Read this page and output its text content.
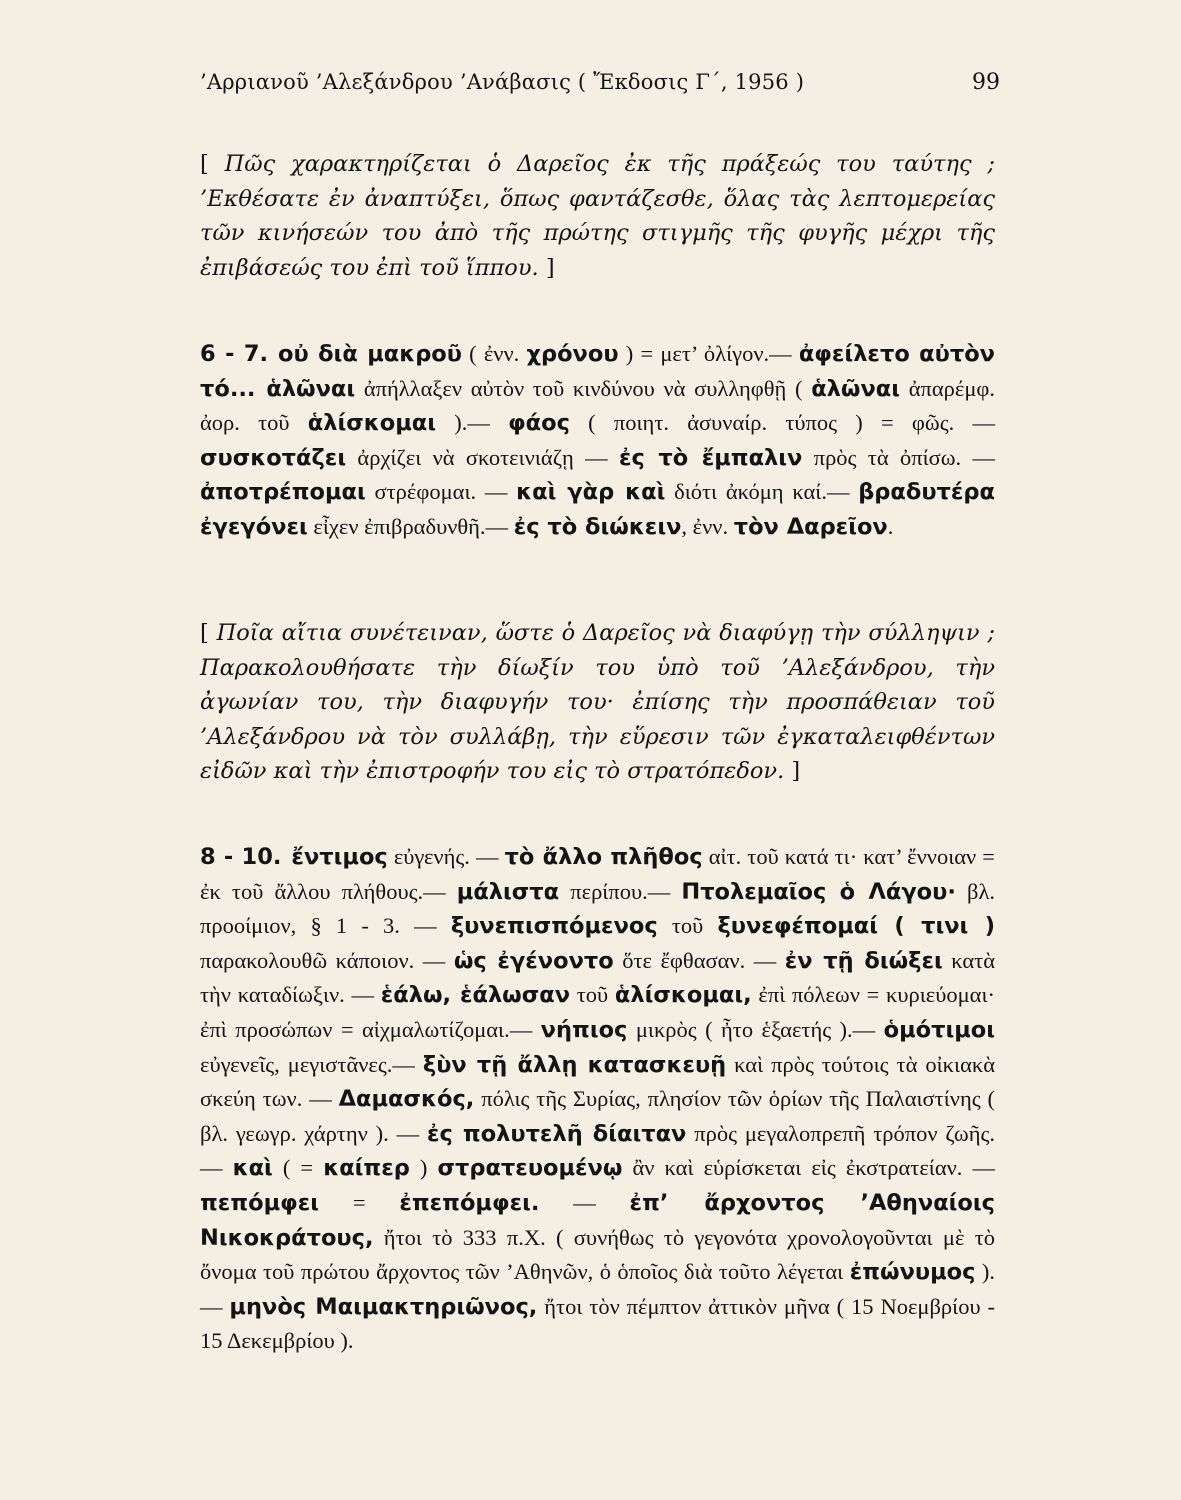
’Αρριανοῦ ’Αλεξάνδρου ’Ανάβασις ( Ἔκδοσις Γ΄, 1956 )	99
[ Πῶς χαρακτηρίζεται ὁ Δαρεῖος ἐκ τῆς πράξεώς του ταύτης ; ’Εκθέσατε ἐν ἀναπτύξει, ὅπως φαντάζεσθε, ὅλας τὰς λεπτομερείας τῶν κινήσεών του ἀπὸ τῆς πρώτης στιγμῆς τῆς φυγῆς μέχρι τῆς ἐπιβάσεώς του ἐπὶ τοῦ ἵππου. ]
6 - 7. οὐ διὰ μακροῦ ( ἐνν. χρόνου ) = μετ’ ὀλίγον.— ἀφείλετο αὐτὸν τό... ἁλῶναι ἀπήλλαξεν αὐτὸν τοῦ κινδύνου νὰ συλληφθῇ ( ἁλῶναι ἀπαρέμφ. ἀορ. τοῦ ἁλίσκομαι ).— φάος ( ποιητ. ἀσυναίρ. τύπος ) = φῶς. — συσκοτάζει ἀρχίζει νὰ σκοτεινιάζῃ — ἐς τὸ ἔμπαλιν πρὸς τὰ ὀπίσω. — ἀποτρέπομαι στρέφομαι. — καὶ γὰρ καὶ διότι ἀκόμη καί.— βραδυτέρα ἐγεγόνει εἶχεν ἐπιβραδυνθῆ.— ἐς τὸ διώκειν, ἐνν. τὸν Δαρεῖον.
[ Ποῖα αἴτια συνέτειναν, ὥστε ὁ Δαρεῖος νὰ διαφύγῃ τὴν σύλληψιν ; Παρακολουθήσατε τὴν δίωξίν του ὑπὸ τοῦ ’Αλεξάνδρου, τὴν ἀγωνίαν του, τὴν διαφυγήν του· ἐπίσης τὴν προσπάθειαν τοῦ ’Αλεξάνδρου νὰ τὸν συλλάβῃ, τὴν εὕρεσιν τῶν ἐγκαταλειφθέντων εἰδῶν καὶ τὴν ἐπιστροφήν του εἰς τὸ στρατόπεδον. ]
8 - 10. ἔντιμος εὐγενής. — τὸ ἄλλο πλῆθος αἰτ. τοῦ κατά τι· κατ’ ἔννοιαν = ἐκ τοῦ ἄλλου πλήθους.— μάλιστα περίπου.— Πτολεμαῖος ὁ Λάγου· βλ. προοίμιον, § 1 - 3. — ξυνεπισπόμενος τοῦ ξυνεφέπομαί ( τινι ) παρακολουθῶ κάποιον. — ὡς ἐγένοντο ὅτε ἔφθασαν. — ἐν τῇ διώξει κατὰ τὴν καταδίωξιν. — ἑάλω, ἑάλωσαν τοῦ ἁλίσκομαι, ἐπὶ πόλεων = κυριεύομαι· ἐπὶ προσώπων = αἰχμαλωτίζομαι.— νήπιος μικρὸς ( ἦτο ἑξαετής ).— ὁμότιμοι εὐγενεῖς, μεγιστᾶνες.— ξὺν τῇ ἄλλῃ κατασκευῇ καὶ πρὸς τούτοις τὰ οἰκιακὰ σκεύη των. — Δαμασκός, πόλις τῆς Συρίας, πλησίον τῶν ὁρίων τῆς Παλαιστίνης ( βλ. γεωγρ. χάρτην ). — ἐς πολυτελῆ δίαιταν πρὸς μεγαλοπρεπῆ τρόπον ζωῆς. — καὶ ( = καίπερ ) στρατευομένῳ ἂν καὶ εὑρίσκεται εἰς ἐκστρατείαν. — πεπόμφει = ἐπεπόμφει. — ἐπ’ ἄρχοντος ’Αθηναίοις Νικοκράτους, ἤτοι τὸ 333 π.Χ. ( συνήθως τὸ γεγονότα χρονολογοῦνται μὲ τὸ ὄνομα τοῦ πρώτου ἄρχοντος τῶν ’Αθηνῶν, ὁ ὁποῖος διὰ τοῦτο λέγεται ἐπώνυμος ). — μηνὸς Μαιμακτηριῶνος, ἤτοι τὸν πέμπτον ἀττικὸν μῆνα ( 15 Νοεμβρίου - 15 Δεκεμβρίου ).
